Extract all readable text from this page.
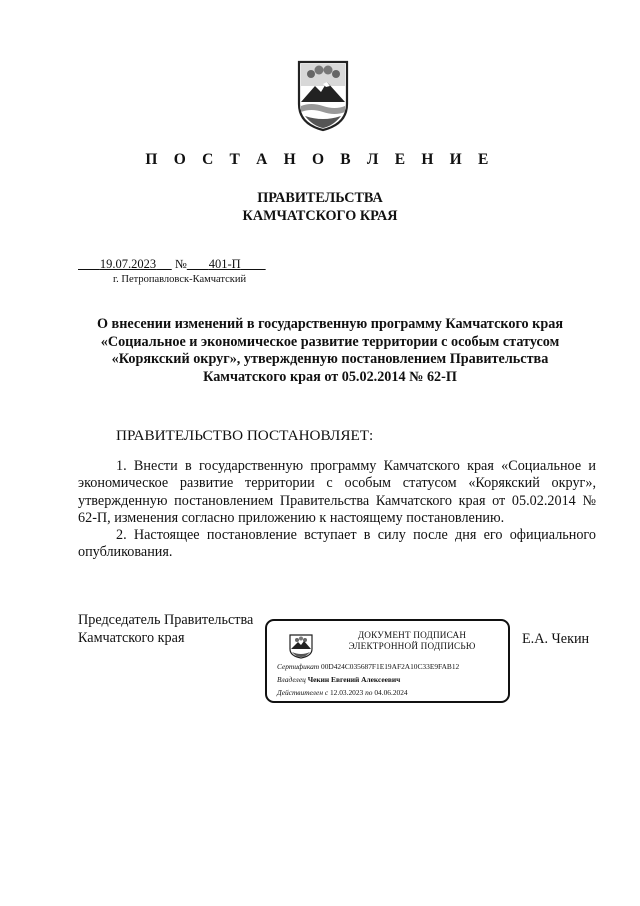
П О С Т А Н О В Л Е Н И Е
ПРАВИТЕЛЬСТВА
КАМЧАТСКОГО КРАЯ
19.07.2023 № 401-П
г. Петропавловск-Камчатский
О внесении изменений в государственную программу Камчатского края
«Социальное и экономическое развитие территории с особым статусом
«Корякский округ», утвержденную постановлением Правительства
Камчатского края от 05.02.2014 № 62-П
ПРАВИТЕЛЬСТВО ПОСТАНОВЛЯЕТ:

1. Внести в государственную программу Камчатского края «Социальное и экономическое развитие территории с особым статусом «Корякский округ», утвержденную постановлением Правительства Камчатского края от 05.02.2014 № 62-П, изменения согласно приложению к настоящему постановлению.

2. Настоящее постановление вступает в силу после дня его официального опубликования.

Председатель Правительства
Камчатского края	ДОКУМЕНТ ПОДПИСАН
ЭЛЕКТРОННОЙ ПОДПИСЬЮ
Сертификат 00D424C035687F1E19AF2A10C33E9FAB12
Владелец Чекин Евгений Алексеевич
Действителен с 12.03.2023 по 04.06.2024
Е.А. Чекин
